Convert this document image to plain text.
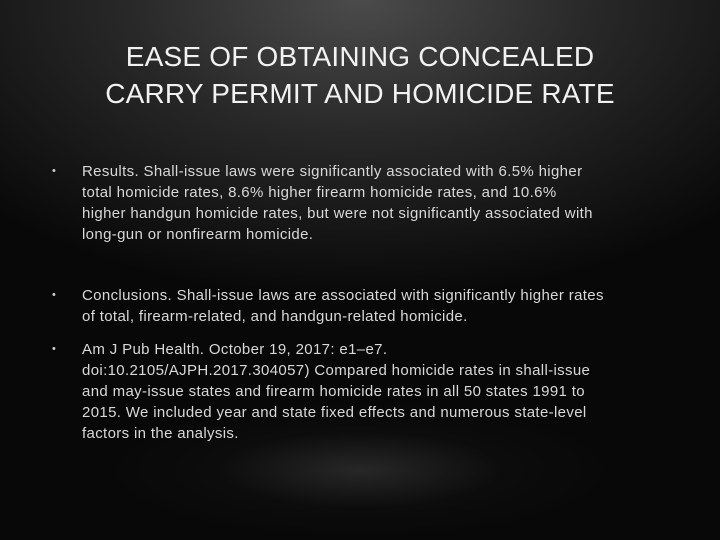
EASE OF OBTAINING CONCEALED
CARRY PERMIT AND HOMICIDE RATE
• Results. Shall-issue laws were significantly associated with 6.5% higher
total homicide rates, 8.6% higher firearm homicide rates, and 10.6%
higher handgun homicide rates, but were not significantly associated with
long-gun or nonfirearm homicide.
• Conclusions. Shall-issue laws are associated with significantly higher rates
of total, firearm-related, and handgun-related homicide.
• Am J Pub Health. October 19, 2017: e1–e7.
doi:10.2105/AJPH.2017.304057) Compared homicide rates in shall-issue
and may-issue states and firearm homicide rates in all 50 states 1991 to
2015. We included year and state fixed effects and numerous state-level
factors in the analysis.
